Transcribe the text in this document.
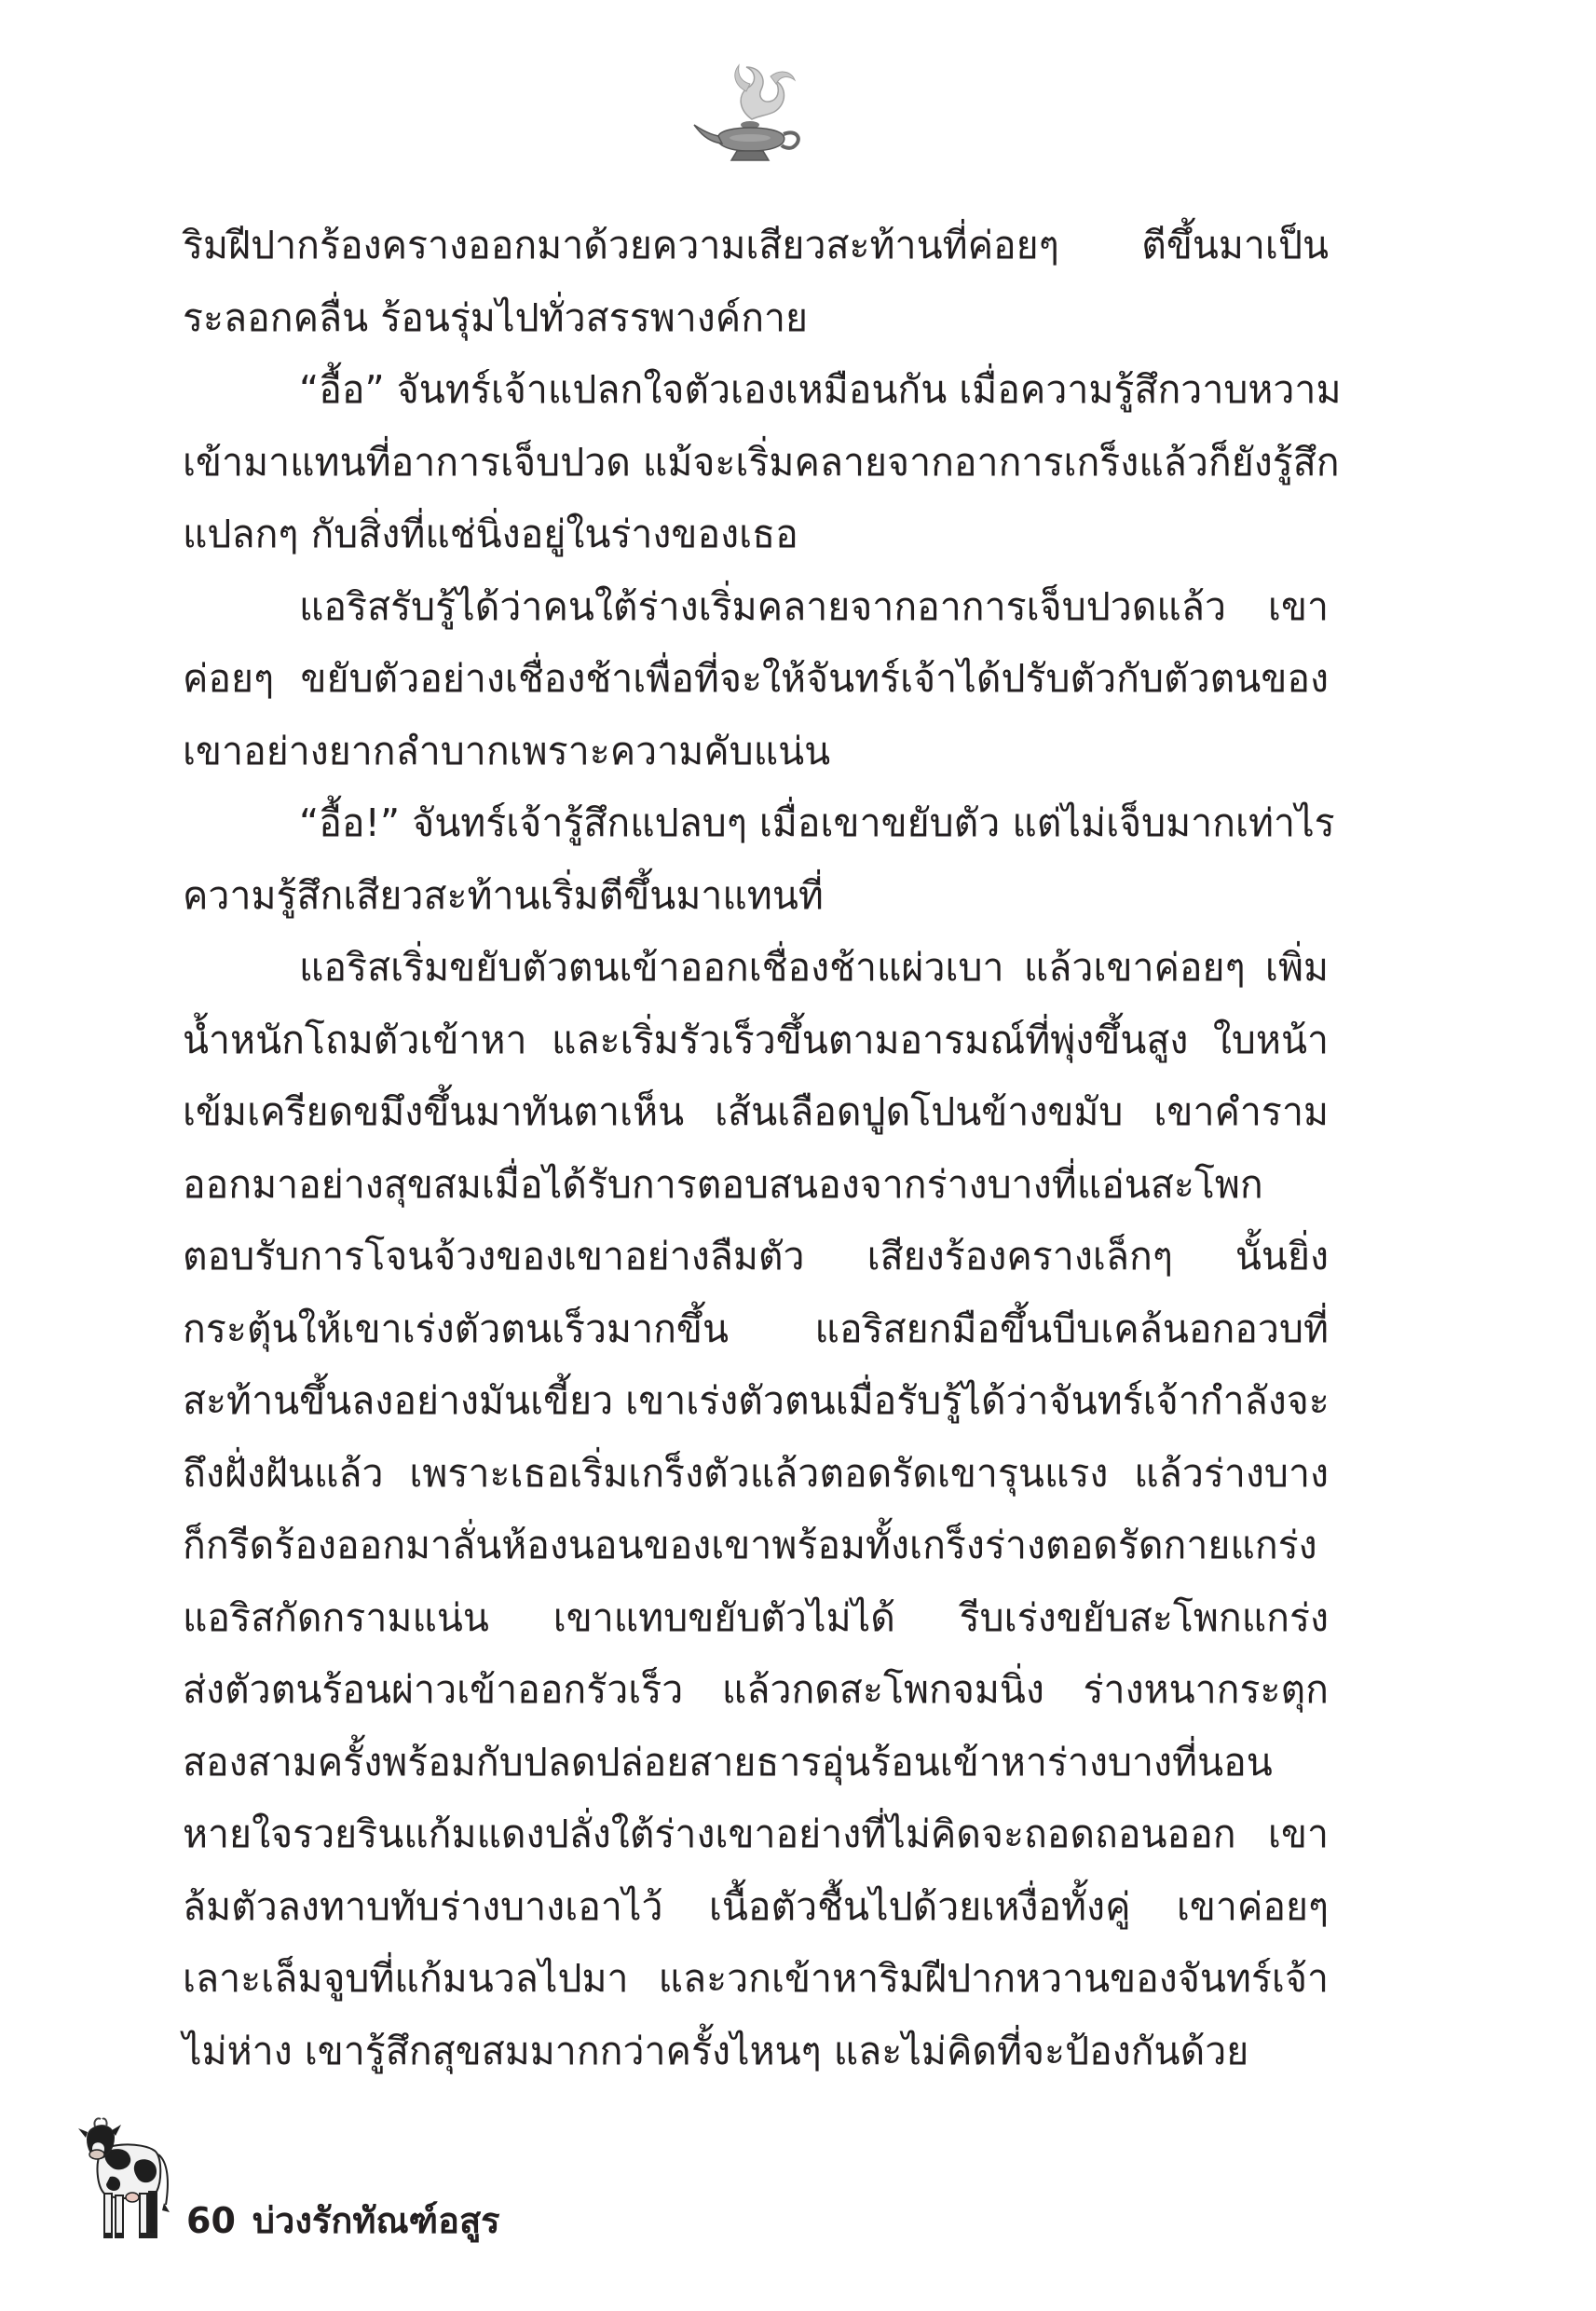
ริมฝีปากร้องครางออกมาด้วยความเสียวสะท้านที่ค่อยๆ ตีขึ้นมาเป็น
ระลอกคลื่น ร้อนรุ่มไปทั่วสรรพางค์กาย
“อื้อ” จันทร์เจ้าแปลกใจตัวเองเหมือนกัน เมื่อความรู้สึกวาบหวาม
เข้ามาแทนที่อาการเจ็บปวด แม้จะเริ่มคลายจากอาการเกร็งแล้วก็ยังรู้สึก
แปลกๆ กับสิ่งที่แช่นิ่งอยู่ในร่างของเธอ
แอริสรับรู้ได้ว่าคนใต้ร่างเริ่มคลายจากอาการเจ็บปวดแล้ว เขา
ค่อยๆ ขยับตัวอย่างเชื่องช้าเพื่อที่จะให้จันทร์เจ้าได้ปรับตัวกับตัวตนของ
เขาอย่างยากลำบากเพราะความคับแน่น
“อื้อ!” จันทร์เจ้ารู้สึกแปลบๆ เมื่อเขาขยับตัว แต่ไม่เจ็บมากเท่าไร
ความรู้สึกเสียวสะท้านเริ่มตีขึ้นมาแทนที่
แอริสเริ่มขยับตัวตนเข้าออกเชื่องช้าแผ่วเบา แล้วเขาค่อยๆ เพิ่ม
น้ำหนักโถมตัวเข้าหา และเริ่มรัวเร็วขึ้นตามอารมณ์ที่พุ่งขึ้นสูง ใบหน้า
เข้มเครียดขมึงขึ้นมาทันตาเห็น เส้นเลือดปูดโปนข้างขมับ เขาคำราม
ออกมาอย่างสุขสมเมื่อได้รับการตอบสนองจากร่างบางที่แอ่นสะโพก
ตอบรับการโจนจ้วงของเขาอย่างลืมตัว เสียงร้องครางเล็กๆ นั้นยิ่ง
กระตุ้นให้เขาเร่งตัวตนเร็วมากขึ้น แอริสยกมือขึ้นบีบเคล้นอกอวบที่
สะท้านขึ้นลงอย่างมันเขี้ยว เขาเร่งตัวตนเมื่อรับรู้ได้ว่าจันทร์เจ้ากำลังจะ
ถึงฝั่งฝันแล้ว เพราะเธอเริ่มเกร็งตัวแล้วตอดรัดเขารุนแรง แล้วร่างบาง
ก็กรีดร้องออกมาลั่นห้องนอนของเขาพร้อมทั้งเกร็งร่างตอดรัดกายแกร่ง
แอริสกัดกรามแน่น เขาแทบขยับตัวไม่ได้ รีบเร่งขยับสะโพกแกร่ง
ส่งตัวตนร้อนผ่าวเข้าออกรัวเร็ว แล้วกดสะโพกจมนิ่ง ร่างหนากระตุก
สองสามครั้งพร้อมกับปลดปล่อยสายธารอุ่นร้อนเข้าหาร่างบางที่นอน
หายใจรวยรินแก้มแดงปลั่งใต้ร่างเขาอย่างที่ไม่คิดจะถอดถอนออก เขา
ล้มตัวลงทาบทับร่างบางเอาไว้ เนื้อตัวชื้นไปด้วยเหงื่อทั้งคู่ เขาค่อยๆ
เลาะเล็มจูบที่แก้มนวลไปมา และวกเข้าหาริมฝีปากหวานของจันทร์เจ้า
ไม่ห่าง เขารู้สึกสุขสมมากกว่าครั้งไหนๆ และไม่คิดที่จะป้องกันด้วย
60 บ่วงรักทัณฑ์อสูร
